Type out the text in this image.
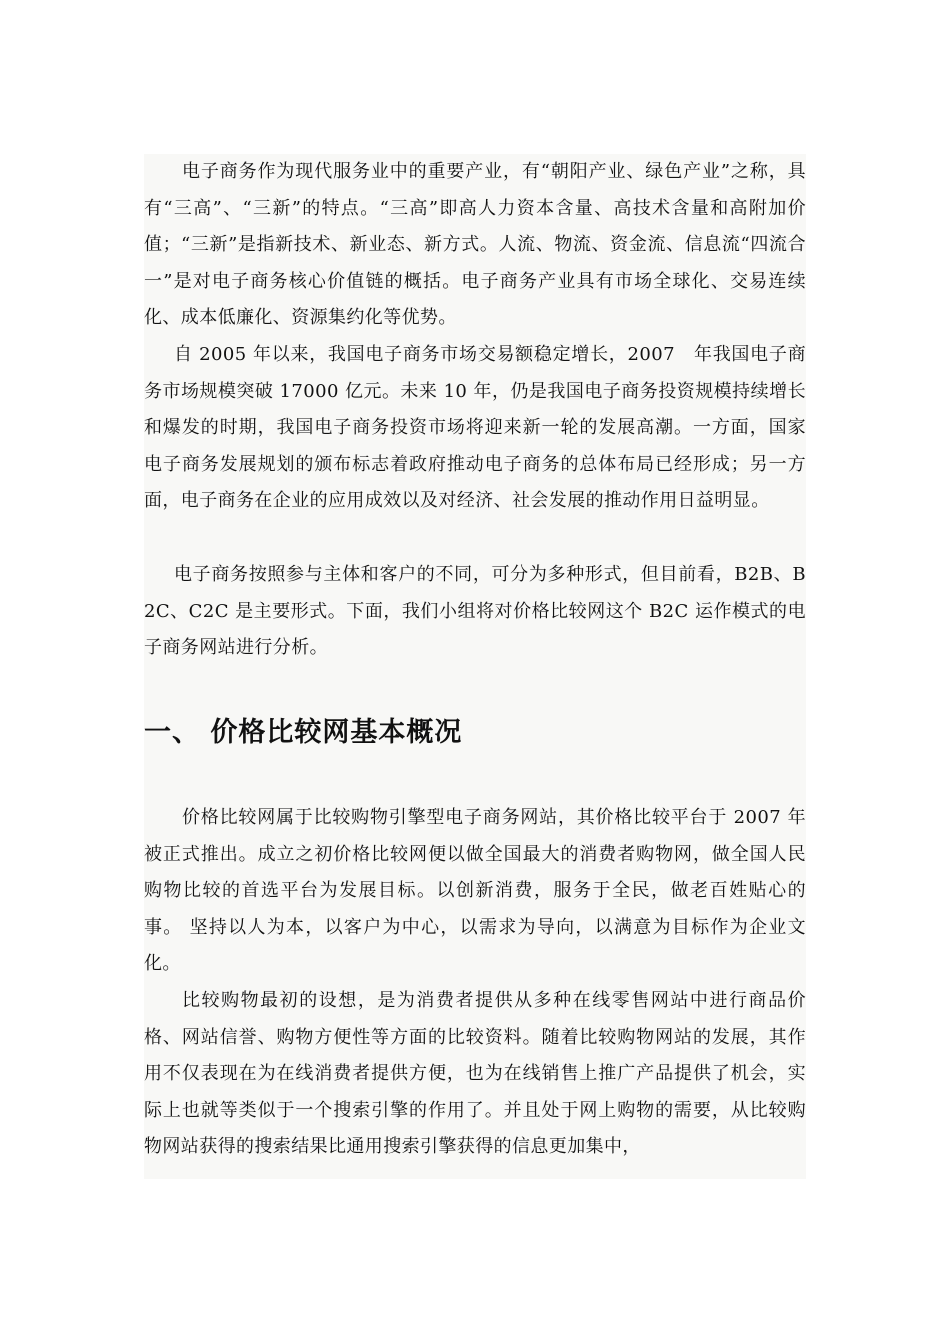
电子商务作为现代服务业中的重要产业，有“朝阳产业、绿色产业”之称，具有“三高”、“三新”的特点。“三高”即高人力资本含量、高技术含量和高附加价值；“三新”是指新技术、新业态、新方式。人流、物流、资金流、信息流“四流合一”是对电子商务核心价值链的概括。电子商务产业具有市场全球化、交易连续化、成本低廉化、资源集约化等优势。

自 2005 年以来，我国电子商务市场交易额稳定增长，2007　年我国电子商务市场规模突破 17000 亿元。未来 10 年，仍是我国电子商务投资规模持续增长和爆发的时期，我国电子商务投资市场将迎来新一轮的发展高潮。一方面，国家电子商务发展规划的颁布标志着政府推动电子商务的总体布局已经形成；另一方面，电子商务在企业的应用成效以及对经济、社会发展的推动作用日益明显。

电子商务按照参与主体和客户的不同，可分为多种形式，但目前看，B2B、B2C、C2C 是主要形式。下面，我们小组将对价格比较网这个 B2C 运作模式的电子商务网站进行分析。

一、 价格比较网基本概况

价格比较网属于比较购物引擎型电子商务网站，其价格比较平台于 2007 年被正式推出。成立之初价格比较网便以做全国最大的消费者购物网，做全国人民购物比较的首选平台为发展目标。以创新消费，服务于全民，做老百姓贴心的事。 坚持以人为本，以客户为中心，以需求为导向，以满意为目标作为企业文化。

比较购物最初的设想，是为消费者提供从多种在线零售网站中进行商品价格、网站信誉、购物方便性等方面的比较资料。随着比较购物网站的发展，其作用不仅表现在为在线消费者提供方便，也为在线销售上推广产品提供了机会，实际上也就等类似于一个搜索引擎的作用了。并且处于网上购物的需要，从比较购物网站获得的搜索结果比通用搜索引擎获得的信息更加集中，
